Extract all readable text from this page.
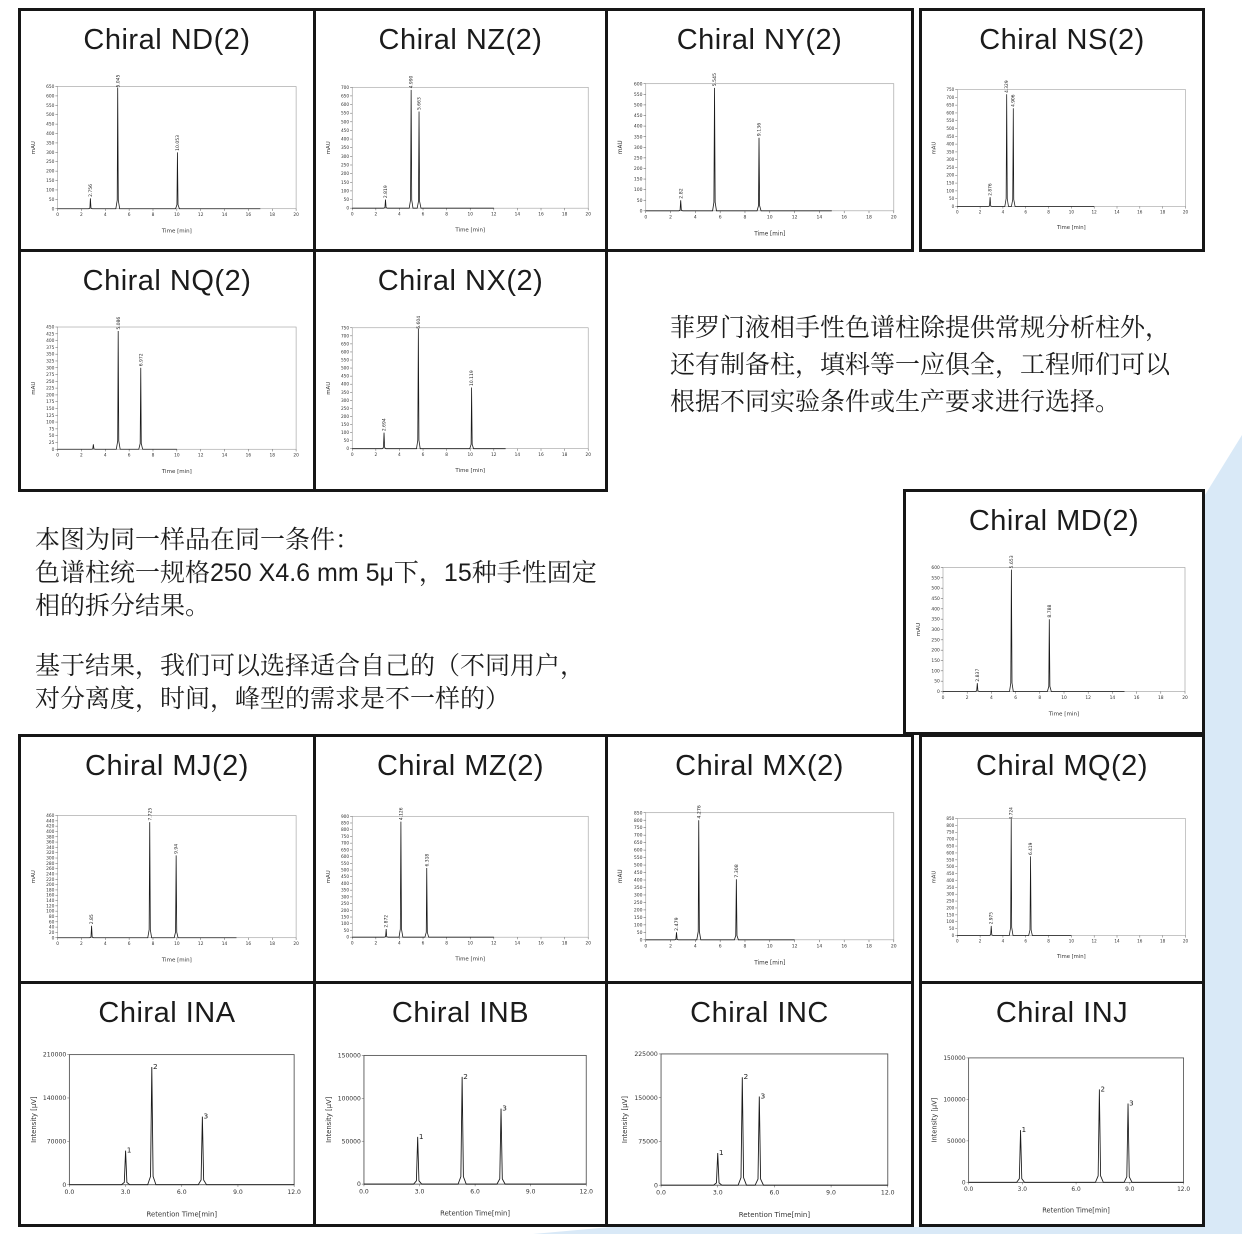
Chiral ND(2)
0
50
100
150
200
250
300
350
400
450
500
550
600
650
0	2	4	6	8	10	12	14	16	18	20
Time [min]
mAU
2.756
5.045
10.053
Chiral NZ(2)
0
50
100
150
200
250
300
350
400
450
500
550
600
650
700
0	2	4	6	8	10	12	14	16	18	20
Time [min]
mAU
2.819
4.990
5.663
Chiral NY(2)
0
50
100
150
200
250
300
350
400
450
500
550
600
0	2	4	6	8	10	12	14	16	18	20
Time [min]
mAU
2.82
5.545
9.136
Chiral NS(2)
0
50
100
150
200
250
300
350
400
450
500
550
600
650
700
750
0	2	4	6	8	10	12	14	16	18	20
Time [min]
mAU
2.876
4.329
4.906
Chiral NQ(2)
0
25
50
75
100
125
150
175
200
225
250
275
300
325
350
375
400
425
450
0	2	4	6	8	10	12	14	16	18	20
Time [min]
mAU
5.086
6.972
Chiral NX(2)
0
50
100
150
200
250
300
350
400
450
500
550
600
650
700
750
0	2	4	6	8	10	12	14	16	18	20
Time [min]
mAU
2.694
5.604
10.119
菲罗门液相手性色谱柱除提供常规分析柱外，
还有制备柱，填料等一应俱全，工程师们可以
根据不同实验条件或生产要求进行选择。
本图为同一样品在同一条件：
色谱柱统一规格250 X4.6 mm 5μ下，15种手性固定
相的拆分结果。
基于结果，我们可以选择适合自己的（不同用户，
对分离度，时间，峰型的需求是不一样的）
Chiral MD(2)
0
50
100
150
200
250
300
350
400
450
500
550
600
0	2	4	6	8	10	12	14	16	18	20
Time [min]
mAU
2.837
5.653
8.788
Chiral MJ(2)
0
20
40
60
80
100
120
140
160
180
200
220
240
260
280
300
320
340
360
380
400
420
440
460
0	2	4	6	8	10	12	14	16	18	20
Time [min]
mAU
2.85
7.725
9.94
Chiral MZ(2)
0
50
100
150
200
250
300
350
400
450
500
550
600
650
700
750
800
850
900
0	2	4	6	8	10	12	14	16	18	20
Time [min]
mAU
2.872
4.126
6.318
Chiral MX(2)
0
50
100
150
200
250
300
350
400
450
500
550
600
650
700
750
800
850
0	2	4	6	8	10	12	14	16	18	20
Time [min]
mAU
2.479
4.276
7.308
Chiral MQ(2)
0
50
100
150
200
250
300
350
400
450
500
550
600
650
700
750
800
850
0	2	4	6	8	10	12	14	16	18	20
Time [min]
mAU
2.975
4.724
6.419
Chiral INA
0
70000
140000
210000
0.0	3.0	6.0	9.0	12.0
Retention Time[min]
Intensity [μV]
1
2
3
Chiral INB
0
50000
100000
150000
0.0	3.0	6.0	9.0	12.0
Retention Time[min]
Intensity [μV]	1
2
3
Chiral INC
0
75000
150000
225000
0.0	3.0	6.0	9.0	12.0
Retention Time[min]
Intensity [μV]
1
2
3
Chiral INJ
0
50000
100000
150000
0.0	3.0	6.0	9.0	12.0
Retention Time[min]
Intensity [μV]	1
2
3
